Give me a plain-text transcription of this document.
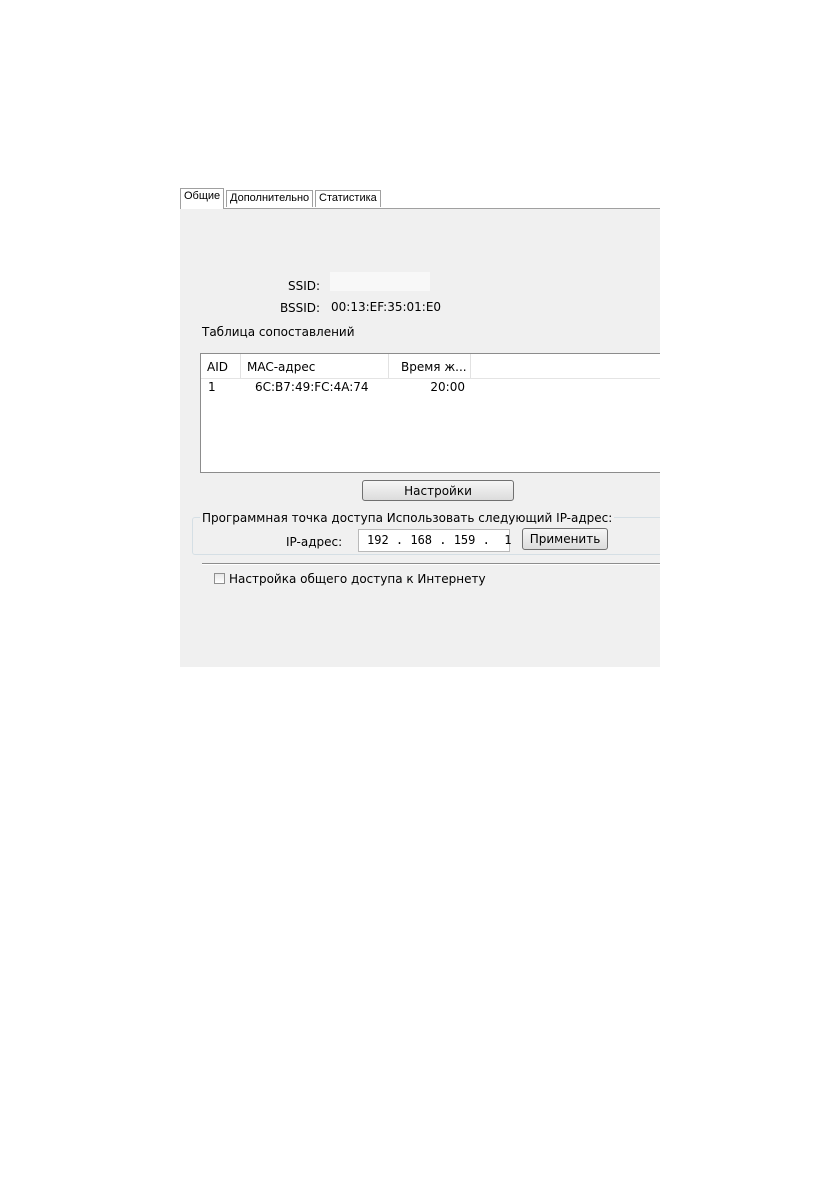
Общие Дополнительно Статистика
SSID:
BSSID: 00:13:EF:35:01:E0
Таблица сопоставлений
AID	MAC-адрес	Время ж...
1	6C:B7:49:FC:4A:74	20:00
Настройки
Программная точка доступа Использовать следующий IP-адрес:
IP-адрес:	192 . 168 . 159 .  1	Применить
Настройка общего доступа к Интернету
